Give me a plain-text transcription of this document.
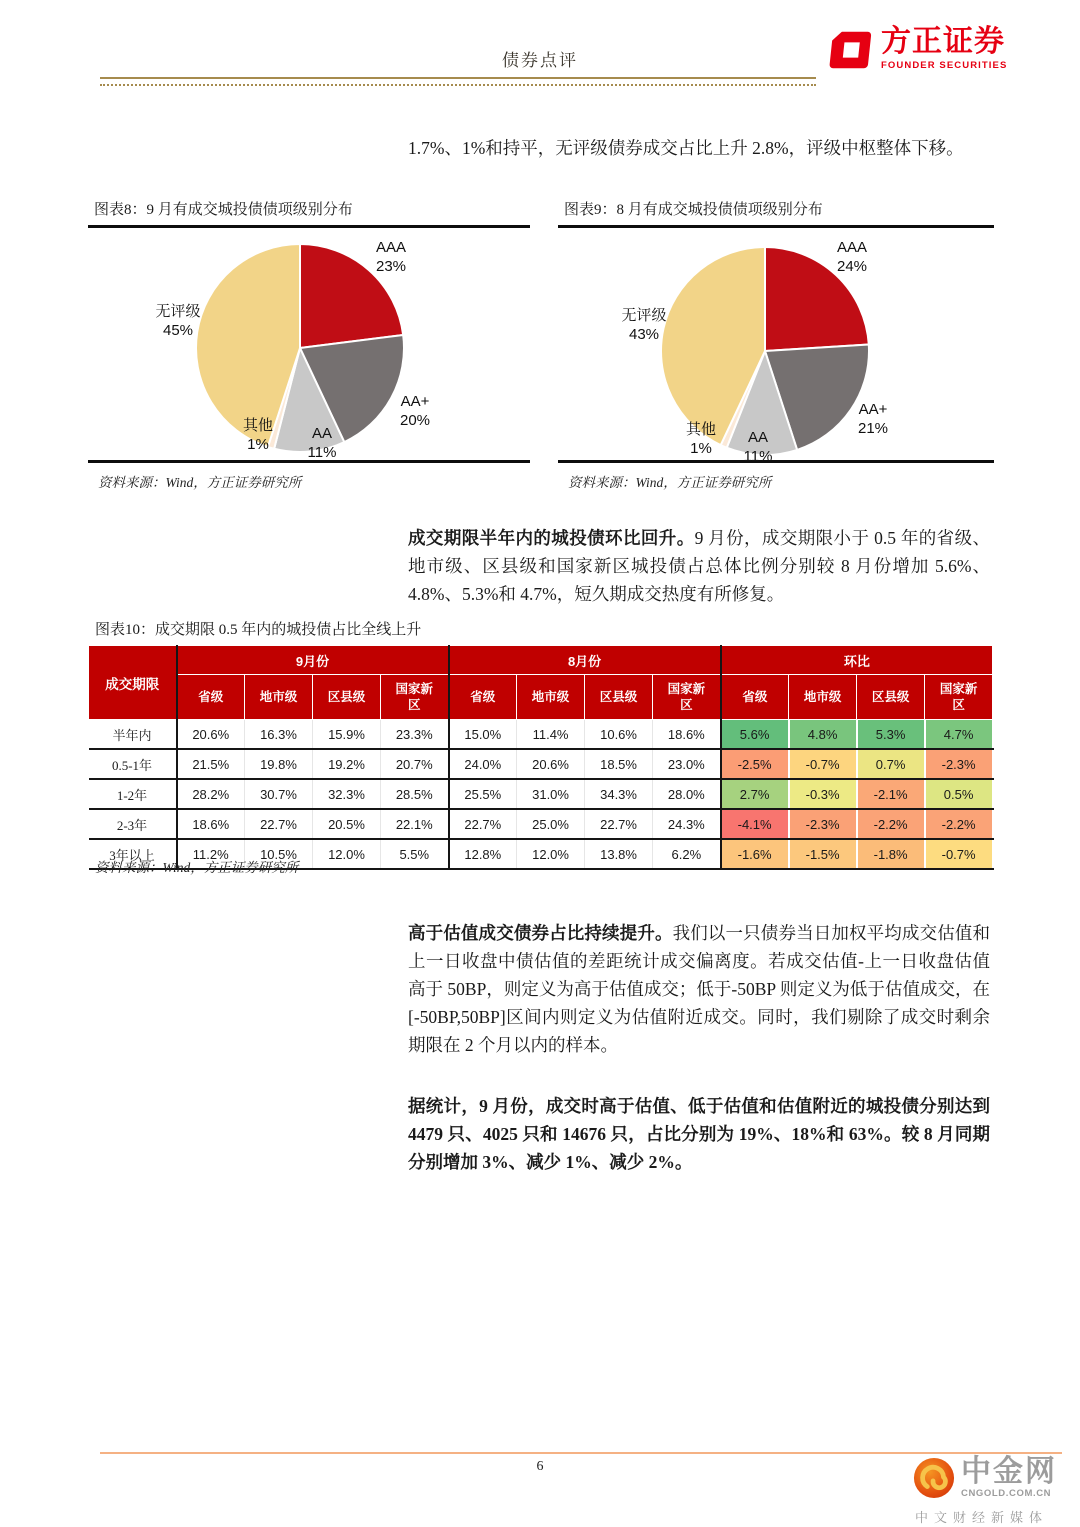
债券点评
方正证券
FOUNDER SECURITIES

1.7%、1%和持平，无评级债券成交占比上升 2.8%，评级中枢整体下移。

图表8：9 月有成交城投债债项级别分布
AAA
23%
AA+
20%
AA
11%
其他
1%
无评级
45%
资料来源：Wind，方正证券研究所
图表9：8 月有成交城投债债项级别分布
AAA
24%
AA+
21%
AA
11%
其他
1%
无评级
43%
资料来源：Wind，方正证券研究所

成交期限半年内的城投债环比回升。9 月份，成交期限小于 0.5 年的省级、地市级、区县级和国家新区城投债占总体比例分别较 8 月份增加 5.6%、4.8%、5.3%和 4.7%，短久期成交热度有所修复。

图表10：成交期限 0.5 年内的城投债占比全线上升
成交期限	9月份				8月份				环比			
	省级	地市级	区县级	国家新区	省级	地市级	区县级	国家新区	省级	地市级	区县级	国家新区
半年内	20.6%	16.3%	15.9%	23.3%	15.0%	11.4%	10.6%	18.6%	5.6%	4.8%	5.3%	4.7%
0.5-1年	21.5%	19.8%	19.2%	20.7%	24.0%	20.6%	18.5%	23.0%	-2.5%	-0.7%	0.7%	-2.3%
1-2年	28.2%	30.7%	32.3%	28.5%	25.5%	31.0%	34.3%	28.0%	2.7%	-0.3%	-2.1%	0.5%
2-3年	18.6%	22.7%	20.5%	22.1%	22.7%	25.0%	22.7%	24.3%	-4.1%	-2.3%	-2.2%	-2.2%
3年以上	11.2%	10.5%	12.0%	5.5%	12.8%	12.0%	13.8%	6.2%	-1.6%	-1.5%	-1.8%	-0.7%
资料来源：Wind，方正证券研究所

高于估值成交债券占比持续提升。我们以一只债券当日加权平均成交估值和上一日收盘中债估值的差距统计成交偏离度。若成交估值-上一日收盘估值高于 50BP，则定义为高于估值成交；低于-50BP 则定义为低于估值成交，在[-50BP,50BP]区间内则定义为估值附近成交。同时，我们剔除了成交时剩余期限在 2 个月以内的样本。

据统计，9 月份，成交时高于估值、低于估值和估值附近的城投债分别达到 4479 只、4025 只和 14676 只，占比分别为 19%、18%和 63%。较 8 月同期分别增加 3%、减少 1%、减少 2%。

6	中金网
CNGOLD.COM.CN
中文财经新媒体
